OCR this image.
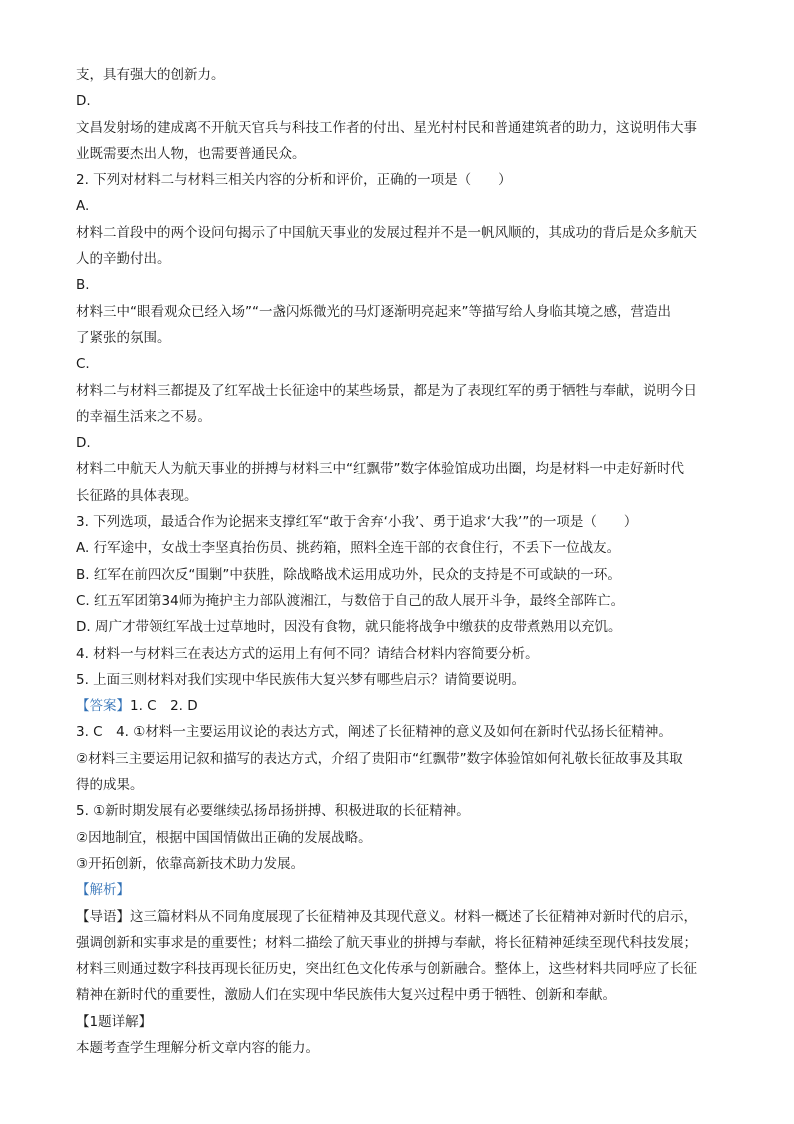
支，具有强大的创新力。

D.

文昌发射场的建成离不开航天官兵与科技工作者的付出、星光村村民和普通建筑者的助力，这说明伟大事

业既需要杰出人物，也需要普通民众。

2. 下列对材料二与材料三相关内容的分析和评价，正确的一项是（　　）

A.

材料二首段中的两个设问句揭示了中国航天事业的发展过程并不是一帆风顺的，其成功的背后是众多航天

人的辛勤付出。

B.

材料三中“眼看观众已经入场”“一盏闪烁微光的马灯逐渐明亮起来”等描写给人身临其境之感，营造出

了紧张的氛围。

C.

材料二与材料三都提及了红军战士长征途中的某些场景，都是为了表现红军的勇于牺牲与奉献，说明今日

的幸福生活来之不易。

D.

材料二中航天人为航天事业的拼搏与材料三中“红飘带”数字体验馆成功出圈，均是材料一中走好新时代

长征路的具体表现。

3. 下列选项，最适合作为论据来支撑红军“敢于舍弃‘小我’、勇于追求‘大我’”的一项是（　　）

A. 行军途中，女战士李坚真抬伤员、挑药箱，照料全连干部的衣食住行，不丢下一位战友。

B. 红军在前四次反“围剿”中获胜，除战略战术运用成功外，民众的支持是不可或缺的一环。

C. 红五军团第34师为掩护主力部队渡湘江，与数倍于自己的敌人展开斗争，最终全部阵亡。

D. 周广才带领红军战士过草地时，因没有食物，就只能将战争中缴获的皮带煮熟用以充饥。

4. 材料一与材料三在表达方式的运用上有何不同？请结合材料内容简要分析。

5. 上面三则材料对我们实现中华民族伟大复兴梦有哪些启示？请简要说明。

【答案】1. C　2. D

3. C　4. ①材料一主要运用议论的表达方式，阐述了长征精神的意义及如何在新时代弘扬长征精神。

②材料三主要运用记叙和描写的表达方式，介绍了贵阳市“红飘带”数字体验馆如何礼敬长征故事及其取

得的成果。

5. ①新时期发展有必要继续弘扬昂扬拼搏、积极进取的长征精神。

②因地制宜，根据中国国情做出正确的发展战略。

③开拓创新，依靠高新技术助力发展。

【解析】

【导语】这三篇材料从不同角度展现了长征精神及其现代意义。材料一概述了长征精神对新时代的启示，

强调创新和实事求是的重要性；材料二描绘了航天事业的拼搏与奉献，将长征精神延续至现代科技发展；

材料三则通过数字科技再现长征历史，突出红色文化传承与创新融合。整体上，这些材料共同呼应了长征

精神在新时代的重要性，激励人们在实现中华民族伟大复兴过程中勇于牺牲、创新和奉献。

【1题详解】

本题考查学生理解分析文章内容的能力。
